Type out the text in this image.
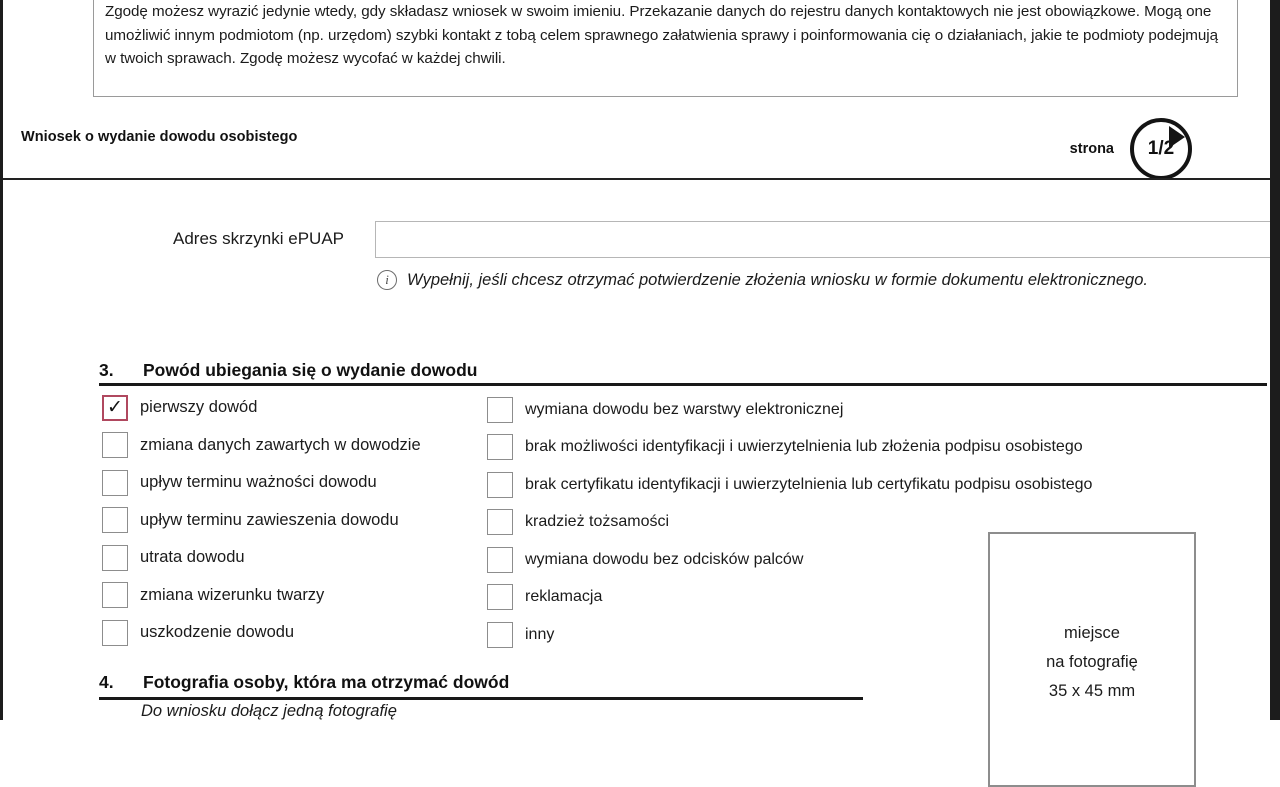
Zgodę możesz wyrazić jedynie wtedy, gdy składasz wniosek w swoim imieniu. Przekazanie danych do rejestru danych kontaktowych nie jest obowiązkowe. Mogą one umożliwić innym podmiotom (np. urzędom) szybki kontakt z tobą celem sprawnego załatwienia sprawy i poinformowania cię o działaniach, jakie te podmioty podejmują w twoich sprawach. Zgodę możesz wycofać w każdej chwili.
Wniosek o wydanie dowodu osobistego
strona	1/2
Adres skrzynki ePUAP
i	Wypełnij, jeśli chcesz otrzymać potwierdzenie złożenia wniosku w formie dokumentu elektronicznego.
3.	Powód ubiegania się o wydanie dowodu
✓	pierwszy dowód
zmiana danych zawartych w dowodzie
upływ terminu ważności dowodu
upływ terminu zawieszenia dowodu
utrata dowodu
zmiana wizerunku twarzy
uszkodzenie dowodu
wymiana dowodu bez warstwy elektronicznej
brak możliwości identyfikacji i uwierzytelnienia lub złożenia podpisu osobistego
brak certyfikatu identyfikacji i uwierzytelnienia lub certyfikatu podpisu osobistego
kradzież tożsamości
wymiana dowodu bez odcisków palców
reklamacja
inny	miejsce
na fotografię
35 x 45 mm
4.	Fotografia osoby, która ma otrzymać dowód
Do wniosku dołącz jedną fotografię
